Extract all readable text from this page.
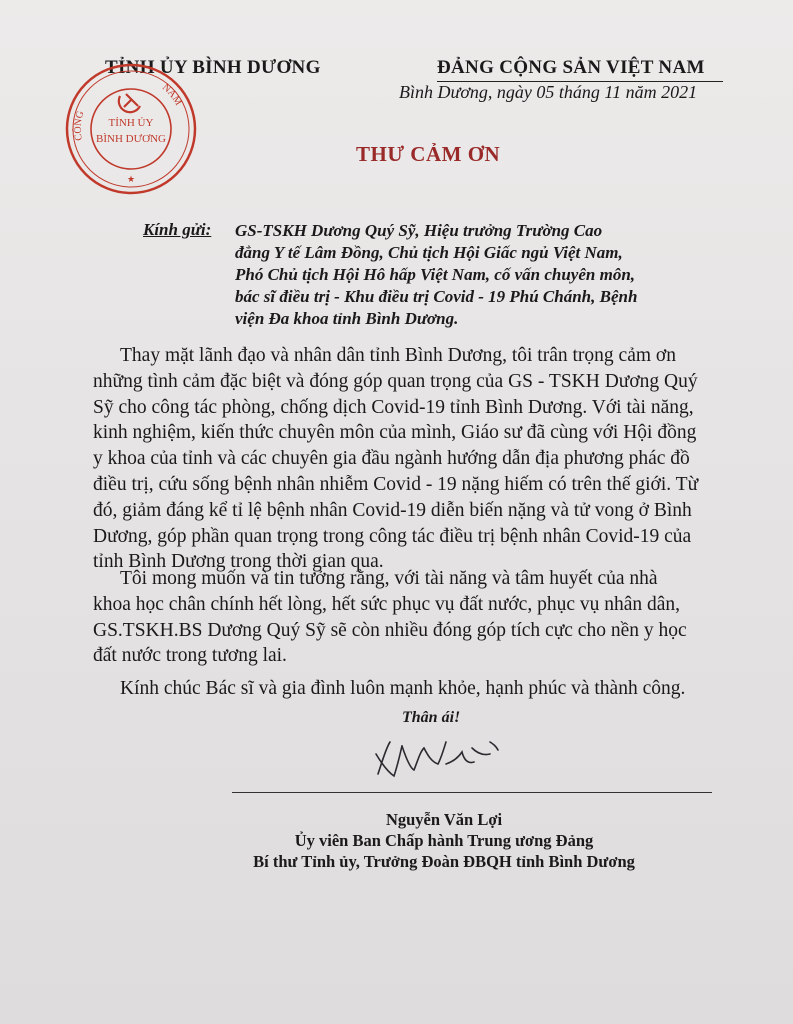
TỈNH ỦY BÌNH DƯƠNG
CÔNG
NAM
TỈNH ỦY
BÌNH DƯƠNG
★
ĐẢNG CỘNG SẢN VIỆT NAM
Bình Dương, ngày 05 tháng 11 năm 2021
THƯ CẢM ƠN
Kính gửi: GS-TSKH Dương Quý Sỹ, Hiệu trưởng Trường Cao
đẳng Y tế Lâm Đồng, Chủ tịch Hội Giấc ngủ Việt Nam,
Phó Chủ tịch Hội Hô hấp Việt Nam, cố vấn chuyên môn,
bác sĩ điều trị - Khu điều trị Covid - 19 Phú Chánh, Bệnh
viện Đa khoa tỉnh Bình Dương.
Thay mặt lãnh đạo và nhân dân tỉnh Bình Dương, tôi trân trọng cảm ơn
những tình cảm đặc biệt và đóng góp quan trọng của GS - TSKH Dương Quý
Sỹ cho công tác phòng, chống dịch Covid-19 tỉnh Bình Dương. Với tài năng,
kinh nghiệm, kiến thức chuyên môn của mình, Giáo sư đã cùng với Hội đồng
y khoa của tỉnh và các chuyên gia đầu ngành hướng dẫn địa phương phác đồ
điều trị, cứu sống bệnh nhân nhiễm Covid - 19 nặng hiếm có trên thế giới. Từ
đó, giảm đáng kể tỉ lệ bệnh nhân Covid-19 diễn biến nặng và tử vong ở Bình
Dương, góp phần quan trọng trong công tác điều trị bệnh nhân Covid-19 của
tỉnh Bình Dương trong thời gian qua.
Tôi mong muốn và tin tưởng rằng, với tài năng và tâm huyết của nhà
khoa học chân chính hết lòng, hết sức phục vụ đất nước, phục vụ nhân dân,
GS.TSKH.BS Dương Quý Sỹ sẽ còn nhiều đóng góp tích cực cho nền y học
đất nước trong tương lai.
Kính chúc Bác sĩ và gia đình luôn mạnh khỏe, hạnh phúc và thành công.
Thân ái!
Nguyễn Văn Lợi
Ủy viên Ban Chấp hành Trung ương Đảng
Bí thư Tỉnh ủy, Trưởng Đoàn ĐBQH tỉnh Bình Dương
